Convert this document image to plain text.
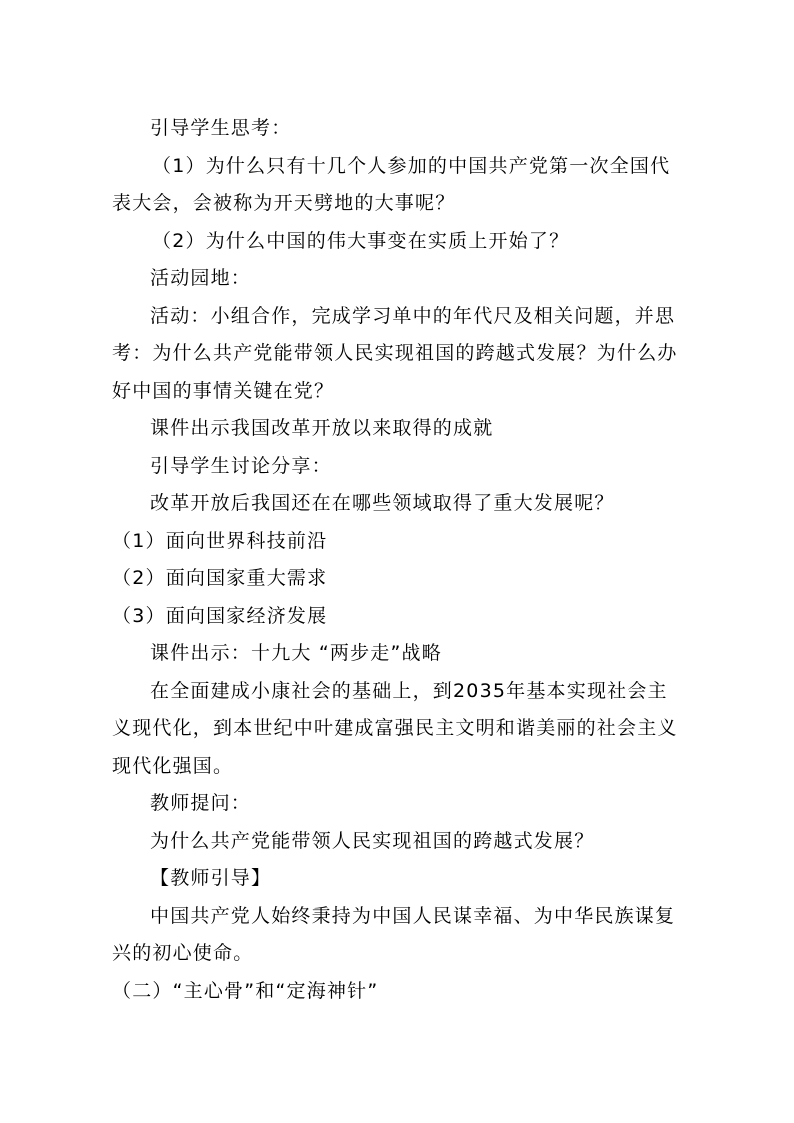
引导学生思考：

（1）为什么只有十几个人参加的中国共产党第一次全国代表大会，会被称为开天劈地的大事呢？

（2）为什么中国的伟大事变在实质上开始了？

活动园地：

活动：小组合作，完成学习单中的年代尺及相关问题，并思考：为什么共产党能带领人民实现祖国的跨越式发展？为什么办好中国的事情关键在党？

课件出示我国改革开放以来取得的成就

引导学生讨论分享：

改革开放后我国还在在哪些领域取得了重大发展呢？

（1）面向世界科技前沿

（2）面向国家重大需求

（3）面向国家经济发展

课件出示：十九大 “两步走”战略

在全面建成小康社会的基础上，到2035年基本实现社会主义现代化，到本世纪中叶建成富强民主文明和谐美丽的社会主义现代化强国。

教师提问：

为什么共产党能带领人民实现祖国的跨越式发展？

【教师引导】

中国共产党人始终秉持为中国人民谋幸福、为中华民族谋复兴的初心使命。

（二）“主心骨”和“定海神针”
